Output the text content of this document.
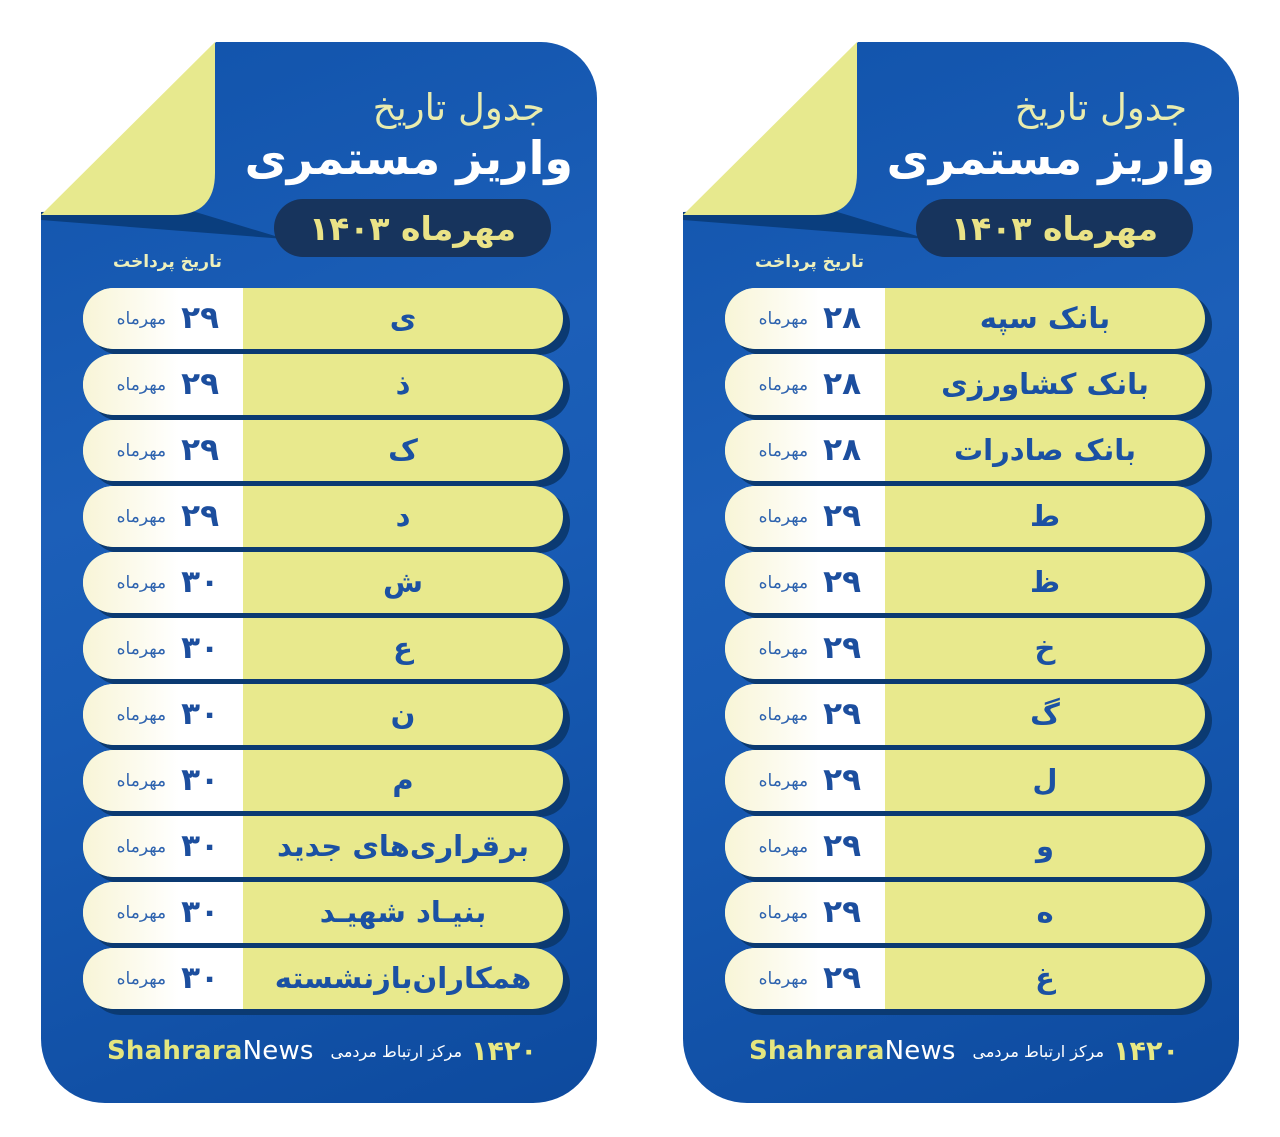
جدول تاریخ
واریز مستمری
مهرماه ۱۴۰۳
تاریخ پرداخت
مهرماه ۲۹	ی
مهرماه ۲۹	ذ
مهرماه ۲۹	ک
مهرماه ۲۹	د
مهرماه ۳۰	ش
مهرماه ۳۰	ع
مهرماه ۳۰	ن
مهرماه ۳۰	م
مهرماه ۳۰	برقراری‌های جدید
مهرماه ۳۰	بنیـاد شهیـد
مهرماه ۳۰	همکاران‌بازنشسته
ShahraraNews	۱۴۲۰
مرکز ارتباط مردمی
جدول تاریخ
واریز مستمری
مهرماه ۱۴۰۳
تاریخ پرداخت
مهرماه ۲۸	بانک سپه
مهرماه ۲۸	بانک کشاورزی
مهرماه ۲۸	بانک صادرات
مهرماه ۲۹	ط
مهرماه ۲۹	ظ
مهرماه ۲۹	خ
مهرماه ۲۹	گ
مهرماه ۲۹	ل
مهرماه ۲۹	و
مهرماه ۲۹	ه
مهرماه ۲۹	غ
ShahraraNews	۱۴۲۰
مرکز ارتباط مردمی
